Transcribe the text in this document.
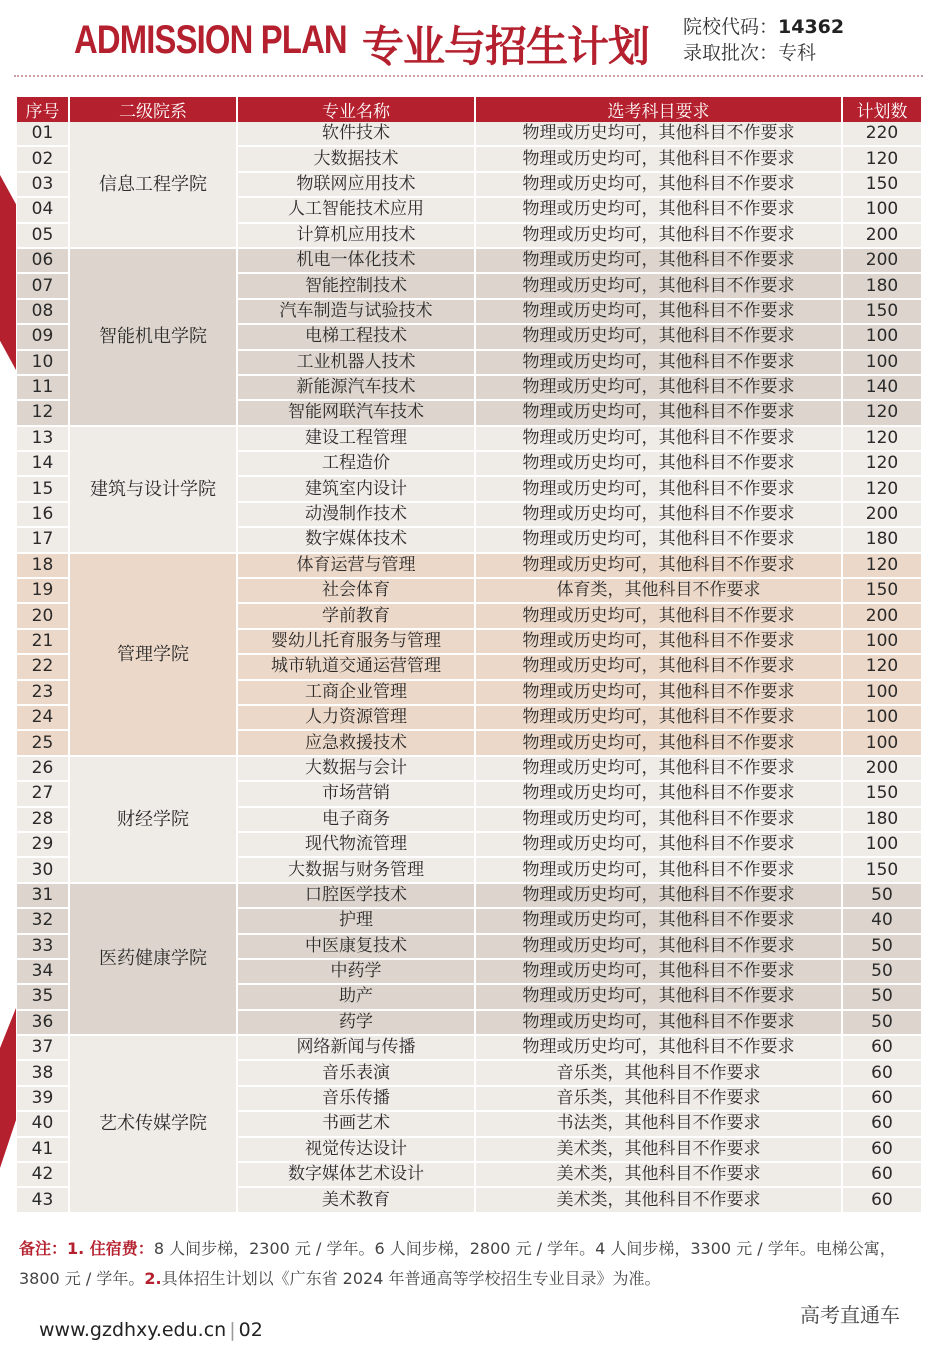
ADMISSION PLAN 专业与招生计划 院校代码：14362
录取批次：专科
序号	二级院系	专业名称	选考科目要求	计划数
01	信息工程学院	软件技术	物理或历史均可，其他科目不作要求	220
02		大数据技术	物理或历史均可，其他科目不作要求	120
03		物联网应用技术	物理或历史均可，其他科目不作要求	150
04		人工智能技术应用	物理或历史均可，其他科目不作要求	100
05		计算机应用技术	物理或历史均可，其他科目不作要求	200
06	智能机电学院	机电一体化技术	物理或历史均可，其他科目不作要求	200
07		智能控制技术	物理或历史均可，其他科目不作要求	180
08		汽车制造与试验技术	物理或历史均可，其他科目不作要求	150
09		电梯工程技术	物理或历史均可，其他科目不作要求	100
10		工业机器人技术	物理或历史均可，其他科目不作要求	100
11		新能源汽车技术	物理或历史均可，其他科目不作要求	140
12		智能网联汽车技术	物理或历史均可，其他科目不作要求	120
13	建筑与设计学院	建设工程管理	物理或历史均可，其他科目不作要求	120
14		工程造价	物理或历史均可，其他科目不作要求	120
15		建筑室内设计	物理或历史均可，其他科目不作要求	120
16		动漫制作技术	物理或历史均可，其他科目不作要求	200
17		数字媒体技术	物理或历史均可，其他科目不作要求	180
18	管理学院	体育运营与管理	物理或历史均可，其他科目不作要求	120
19		社会体育	体育类，其他科目不作要求	150
20		学前教育	物理或历史均可，其他科目不作要求	200
21		婴幼儿托育服务与管理	物理或历史均可，其他科目不作要求	100
22		城市轨道交通运营管理	物理或历史均可，其他科目不作要求	120
23		工商企业管理	物理或历史均可，其他科目不作要求	100
24		人力资源管理	物理或历史均可，其他科目不作要求	100
25		应急救援技术	物理或历史均可，其他科目不作要求	100
26	财经学院	大数据与会计	物理或历史均可，其他科目不作要求	200
27		市场营销	物理或历史均可，其他科目不作要求	150
28		电子商务	物理或历史均可，其他科目不作要求	180
29		现代物流管理	物理或历史均可，其他科目不作要求	100
30		大数据与财务管理	物理或历史均可，其他科目不作要求	150
31	医药健康学院	口腔医学技术	物理或历史均可，其他科目不作要求	50
32		护理	物理或历史均可，其他科目不作要求	40
33		中医康复技术	物理或历史均可，其他科目不作要求	50
34		中药学	物理或历史均可，其他科目不作要求	50
35		助产	物理或历史均可，其他科目不作要求	50
36		药学	物理或历史均可，其他科目不作要求	50
37	艺术传媒学院	网络新闻与传播	物理或历史均可，其他科目不作要求	60
38		音乐表演	音乐类，其他科目不作要求	60
39		音乐传播	音乐类，其他科目不作要求	60
40		书画艺术	书法类，其他科目不作要求	60
41		视觉传达设计	美术类，其他科目不作要求	60
42		数字媒体艺术设计	美术类，其他科目不作要求	60
43		美术教育	美术类，其他科目不作要求	60
备注：1. 住宿费：8 人间步梯，2300 元 / 学年。6 人间步梯，2800 元 / 学年。4 人间步梯，3300 元 / 学年。电梯公寓，3800 元 / 学年。2.具体招生计划以《广东省 2024 年普通高等学校招生专业目录》为准。
www.gzdhxy.edu.cn | 02
高考直通车
